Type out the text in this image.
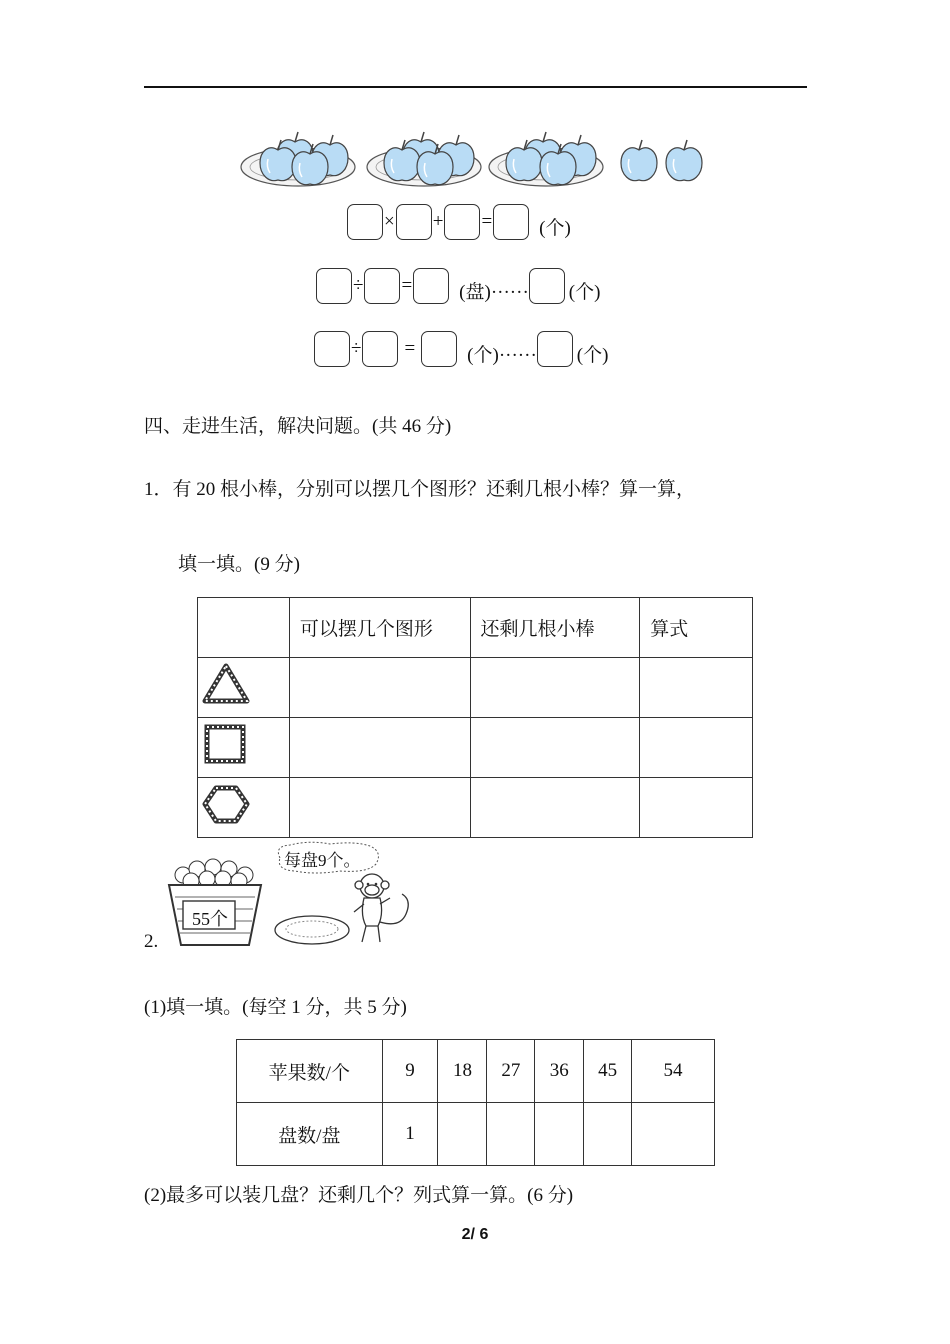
× + = (个)
÷ = (盘)······ (个)
÷ =	(个)······ (个)
四、走进生活，解决问题。(共 46 分)
1．有 20 根小棒，分别可以摆几个图形？还剩几根小棒？算一算，
填一填。(9 分)
	可以摆几个图形	还剩几根小棒	算式

2.
55个
每盘9个。
(1)填一填。(每空 1 分，共 5 分)
苹果数/个	9	18	27	36	45	54
盘数/盘	1					
(2)最多可以装几盘？还剩几个？列式算一算。(6 分)
2/ 6
